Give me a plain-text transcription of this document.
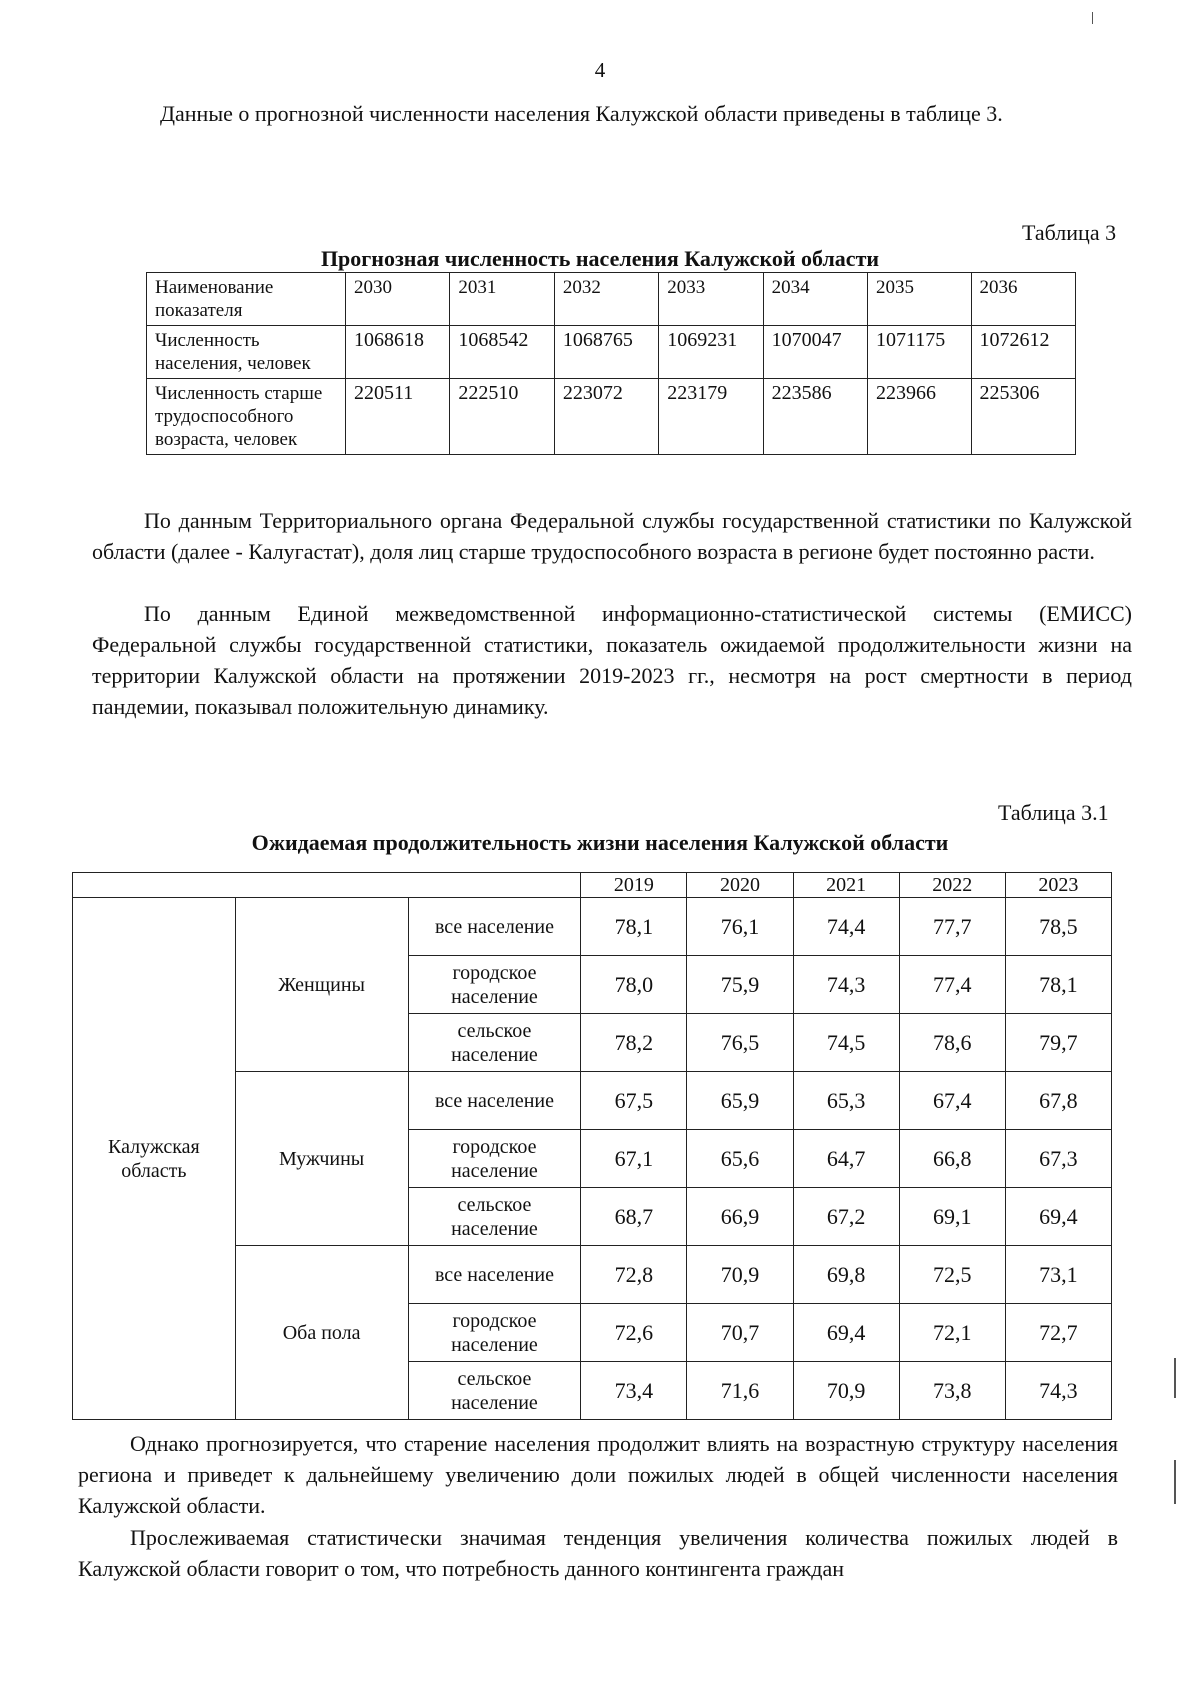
4

Данные о прогнозной численности населения Калужской области приведены в таблице 3.

Таблица 3
Прогнозная численность населения Калужской области
Наименование показателя	2030	2031	2032	2033	2034	2035	2036
Численность населения, человек	1068618	1068542	1068765	1069231	1070047	1071175	1072612
Численность старше трудоспособного возраста, человек	220511	222510	223072	223179	223586	223966	225306

По данным Территориального органа Федеральной службы государственной статистики по Калужской области (далее - Калугастат), доля лиц старше трудоспособного возраста в регионе будет постоянно расти.

По данным Единой межведомственной информационно-статистической системы (ЕМИСС) Федеральной службы государственной статистики, показатель ожидаемой продолжительности жизни на территории Калужской области на протяжении 2019-2023 гг., несмотря на рост смертности в период пандемии, показывал положительную динамику.

Таблица 3.1
Ожидаемая продолжительность жизни населения Калужской области
			2019	2020	2021	2022	2023
Калужская область	Женщины	все население	78,1	76,1	74,4	77,7	78,5
		городское население	78,0	75,9	74,3	77,4	78,1
		сельское население	78,2	76,5	74,5	78,6	79,7
	Мужчины	все население	67,5	65,9	65,3	67,4	67,8
		городское население	67,1	65,6	64,7	66,8	67,3
		сельское население	68,7	66,9	67,2	69,1	69,4
	Оба пола	все население	72,8	70,9	69,8	72,5	73,1
		городское население	72,6	70,7	69,4	72,1	72,7
		сельское население	73,4	71,6	70,9	73,8	74,3

Однако прогнозируется, что старение населения продолжит влиять на возрастную структуру населения региона и приведет к дальнейшему увеличению доли пожилых людей в общей численности населения Калужской области.

Прослеживаемая статистически значимая тенденция увеличения количества пожилых людей в Калужской области говорит о том, что потребность данного контингента граждан
